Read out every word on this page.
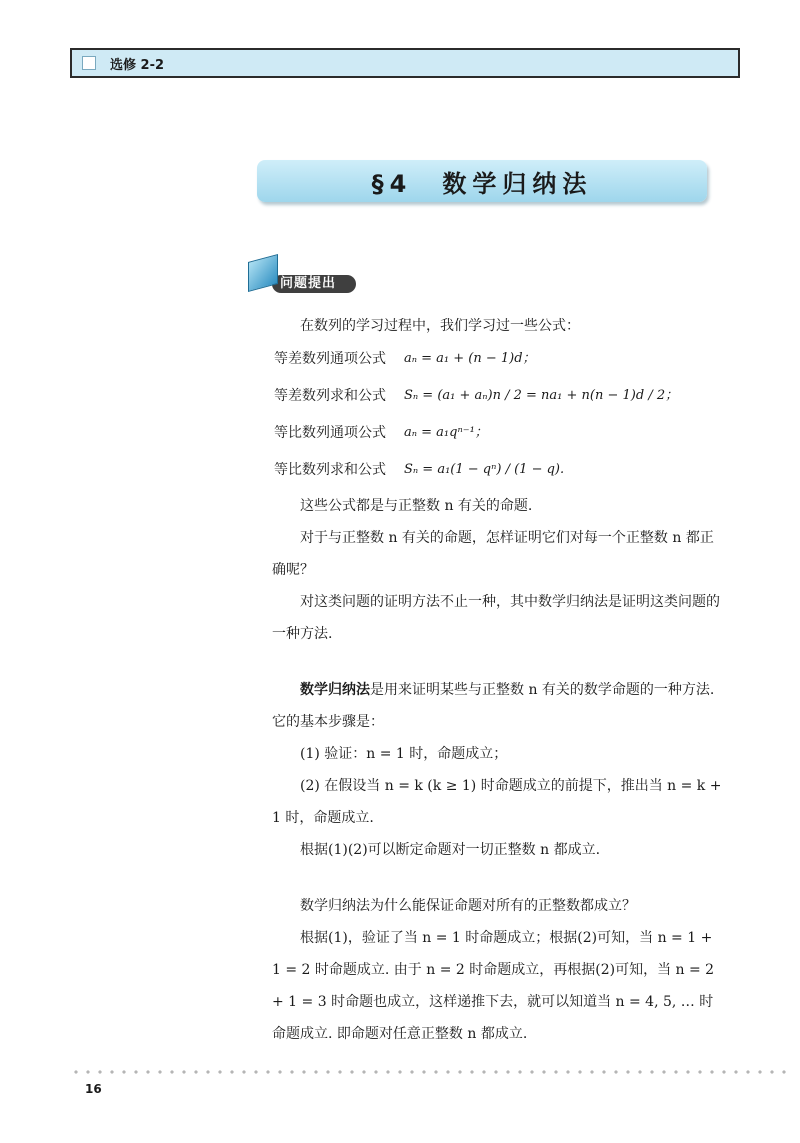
选修 2-2
§4　数学归纳法
问题提出

在数列的学习过程中，我们学习过一些公式：

等差数列通项公式	aₙ = a₁ + (n − 1)d；
等差数列求和公式	Sₙ = (a₁ + aₙ)n / 2 = na₁ + n(n − 1)d / 2；
等比数列通项公式	aₙ = a₁qⁿ⁻¹；
等比数列求和公式	Sₙ = a₁(1 − qⁿ) / (1 − q).

这些公式都是与正整数 n 有关的命题.

对于与正整数 n 有关的命题，怎样证明它们对每一个正整数 n 都正确呢？

对这类问题的证明方法不止一种，其中数学归纳法是证明这类问题的一种方法.

数学归纳法是用来证明某些与正整数 n 有关的数学命题的一种方法. 它的基本步骤是：

(1) 验证：n = 1 时，命题成立；

(2) 在假设当 n = k (k ≥ 1) 时命题成立的前提下，推出当 n = k + 1 时，命题成立.

根据(1)(2)可以断定命题对一切正整数 n 都成立.

数学归纳法为什么能保证命题对所有的正整数都成立？

根据(1)，验证了当 n = 1 时命题成立；根据(2)可知，当 n = 1 + 1 = 2 时命题成立. 由于 n = 2 时命题成立，再根据(2)可知，当 n = 2 + 1 = 3 时命题也成立，这样递推下去，就可以知道当 n = 4, 5, … 时命题成立. 即命题对任意正整数 n 都成立.

16
